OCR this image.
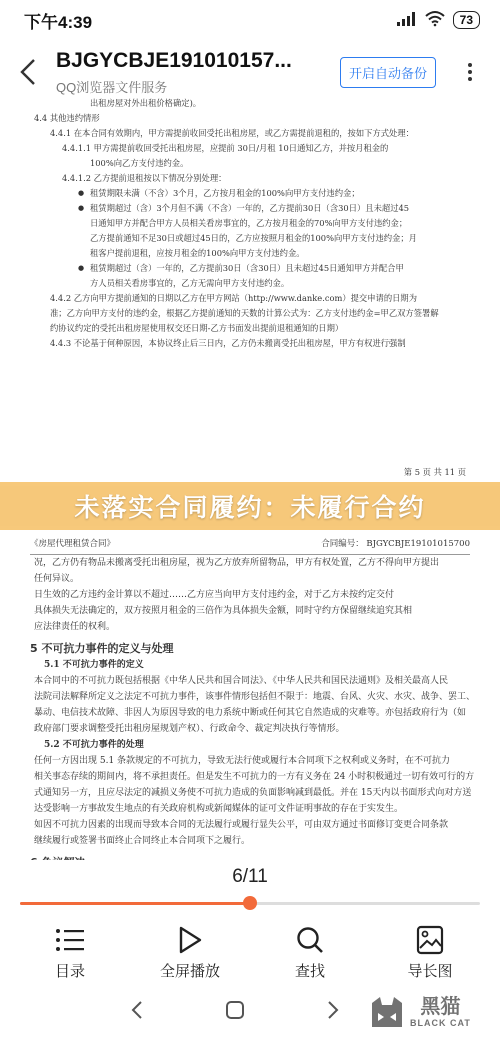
下午4:39	73
BJGYCBJE191010157...
QQ浏览器文件服务
开启自动备份
出租房屋对外出租价格确定)。
4.4 其他违约情形
4.4.1 在本合同有效期内，甲方需提前收回受托出租房屋，或乙方需提前退租的，按如下方式处理：
4.4.1.1 甲方需提前收回受托出租房屋，应提前 30日/月租 10日通知乙方，并按月租金的
100%向乙方支付违约金。
4.4.1.2 乙方提前退租按以下情况分别处理：
● 租赁期限未满（不含）3个月，乙方按月租金的100%向甲方支付违约金；
● 租赁期超过（含）3个月但不满（不含）一年的，乙方提前30日（含30日）且未超过45
日通知甲方并配合甲方人员相关看房事宜的，乙方按月租金的70%向甲方支付违约金；
乙方提前通知不足30日或超过45日的，乙方应按照月租金的100%向甲方支付违约金；月
租客户提前退租，应按月租金的100%向甲方支付违约金。
● 租赁期超过（含）一年的，乙方提前30日（含30日）且未超过45日通知甲方并配合甲
方人员相关看房事宜的，乙方无需向甲方支付违约金。
4.4.2 乙方向甲方提前通知的日期以乙方在甲方网站（http://www.danke.com）提交申请的日期为
准；乙方向甲方支付的违约金，根据乙方提前通知的天数的计算公式为：乙方支付违约金=甲乙双方签署解
约协议约定的受托出租房屋使用权交还日期-乙方书面发出提前退租通知的日期）
4.4.3 不论基于何种原因，本协议终止后三日内，乙方仍未搬离受托出租房屋，甲方有权进行强制
第 5 页 共 11 页
《房屋代理租赁合同》	合同编号： BJGYCBJE19101015700
况，乙方仍有物品未搬离受托出租房屋，视为乙方放弃所留物品，甲方有权处置，乙方不得向甲方提出
任何异议。
日生效的乙方违约金计算以不超过……乙方应当向甲方支付违约金，对于乙方未按约定交付
具体损失无法确定的，双方按照月租金的三倍作为具体损失金额，同时守约方保留继续追究其相
应法律责任的权利。
5 不可抗力事件的定义与处理
5.1 不可抗力事件的定义
本合同中的不可抗力既包括根据《中华人民共和国合同法》、《中华人民共和国民法通则》及相关最高人民
法院司法解释所定义之法定不可抗力事件，该事件情形包括但不限于：地震、台风、火灾、水灾、战争、罢工、
暴动、电信技术故障、非因人为原因导致的电力系统中断或任何其它自然造成的灾难等。亦包括政府行为（如
政府部门要求调整受托出租房屋规划产权）、行政命令、裁定判决执行等情形。
5.2 不可抗力事件的处理
任何一方因出现 5.1 条款规定的不可抗力，导致无法行使或履行本合同项下之权利或义务时，在不可抗力
相关事态存续的期间内，将不承担责任。但是发生不可抗力的一方有义务在 24 小时积极通过一切有效可行的方
式通知另一方，且应尽法定的减损义务使不可抗力造成的负面影响减到最低。并在 15天内以书面形式向对方送
达受影响一方事故发生地点的有关政府机构或新闻媒体的证可文件证明事故的存在于实发生。
如因不可抗力因素的出现而导致本合同的无法履行或履行显失公平，可由双方通过书面修订变更合同条款
继续履行或签署书面终止合同终止本合同项下之履行。
未落实合同履约：未履行合约
6/11
目录	全屏播放	查找	导长图
黑猫
BLACK CAT
